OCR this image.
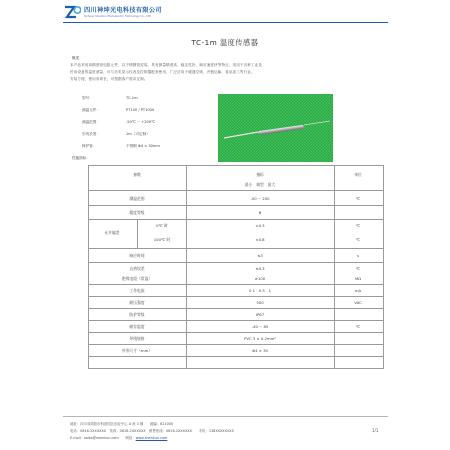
四川神坤光电科技有限公司
Sichuan ShenKun Photoelectric Technology Co., LTD
TC-1m 温度传感器
概述：
本产品采用高精度铂电阻元件，以不锈钢管封装，具有测量精度高、稳定性好、响应速度快等特点，适用于各种工业及
民用设备的温度测量，可与各类显示仪表及控制器配套使用，广泛应用于暖通空调、冷链运输、食品加工等行业。
安装方便，使用寿命长，可根据客户需求定制。
型号：	TC-1m
测温元件：	PT100 / PT1000
测温范围：	-50℃ ~ +200℃
引线长度：	1m（可定制）
保护管：	不锈钢 Φ4 × 30mm
性能指标：
参数	指标	单位
最小　典型　最大
测温范围	-50 ~ 200	℃
精度等级	B
允许偏差
0℃ 时	±0.3	℃
100℃ 时	±0.8	℃
响应时间	≤3	s
自热误差	≤0.3	℃
绝缘电阻（常温）	≥100	MΩ
工作电流	0.1　0.5　1	mA
耐压强度	500	VAC
防护等级	IP67
储存温度	-40 ~ 85	℃
导线规格	PVC 3 × 0.2mm²
外形尺寸（mm）	Φ4 × 30
地址：四川省绵阳市科创园区创业中心 A 座 3 楼　　邮编：621000
电话：0816-2XXXXXX　传真：0816-2XXXXXX　销售热线：0816-2XXXXXX　　手机：138XXXXXXXX
E-mail：sales@shenkun.com　　网址：www.shenkun.com
1/1
